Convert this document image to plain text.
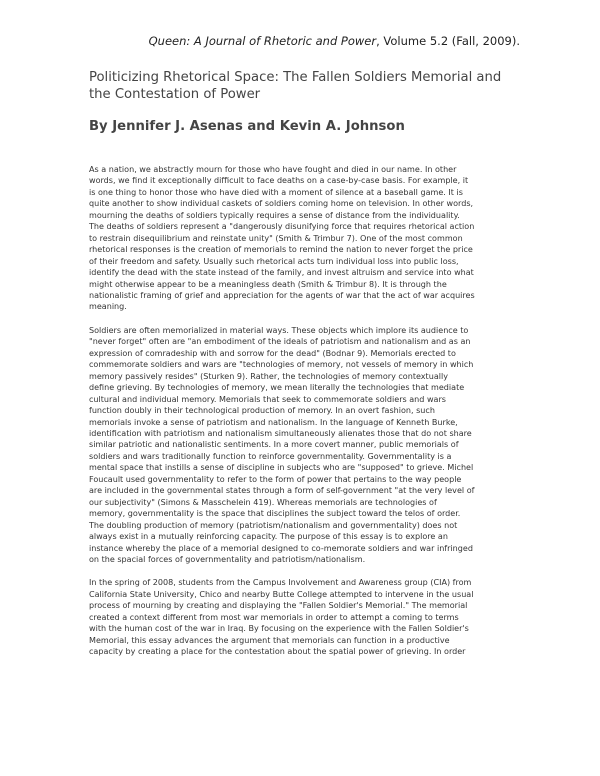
Queen: A Journal of Rhetoric and Power, Volume 5.2 (Fall, 2009).
Politicizing Rhetorical Space: The Fallen Soldiers Memorial and
the Contestation of Power
By Jennifer J. Asenas and Kevin A. Johnson

As a nation, we abstractly mourn for those who have fought and died in our name. In other
words, we find it exceptionally difficult to face deaths on a case-by-case basis. For example, it
is one thing to honor those who have died with a moment of silence at a baseball game. It is
quite another to show individual caskets of soldiers coming home on television. In other words,
mourning the deaths of soldiers typically requires a sense of distance from the individuality.
The deaths of soldiers represent a "dangerously disunifying force that requires rhetorical action
to restrain disequilibrium and reinstate unity" (Smith & Trimbur 7). One of the most common
rhetorical responses is the creation of memorials to remind the nation to never forget the price
of their freedom and safety. Usually such rhetorical acts turn individual loss into public loss,
identify the dead with the state instead of the family, and invest altruism and service into what
might otherwise appear to be a meaningless death (Smith & Trimbur 8). It is through the
nationalistic framing of grief and appreciation for the agents of war that the act of war acquires
meaning.

Soldiers are often memorialized in material ways. These objects which implore its audience to
"never forget" often are "an embodiment of the ideals of patriotism and nationalism and as an
expression of comradeship with and sorrow for the dead" (Bodnar 9). Memorials erected to
commemorate soldiers and wars are "technologies of memory, not vessels of memory in which
memory passively resides" (Sturken 9). Rather, the technologies of memory contextually
define grieving. By technologies of memory, we mean literally the technologies that mediate
cultural and individual memory. Memorials that seek to commemorate soldiers and wars
function doubly in their technological production of memory. In an overt fashion, such
memorials invoke a sense of patriotism and nationalism. In the language of Kenneth Burke,
identification with patriotism and nationalism simultaneously alienates those that do not share
similar patriotic and nationalistic sentiments. In a more covert manner, public memorials of
soldiers and wars traditionally function to reinforce governmentality. Governmentality is a
mental space that instills a sense of discipline in subjects who are "supposed" to grieve. Michel
Foucault used governmentality to refer to the form of power that pertains to the way people
are included in the governmental states through a form of self-government "at the very level of
our subjectivity" (Simons & Masschelein 419). Whereas memorials are technologies of
memory, governmentality is the space that disciplines the subject toward the telos of order.
The doubling production of memory (patriotism/nationalism and governmentality) does not
always exist in a mutually reinforcing capacity. The purpose of this essay is to explore an
instance whereby the place of a memorial designed to co-memorate soldiers and war infringed
on the spacial forces of governmentality and patriotism/nationalism.

In the spring of 2008, students from the Campus Involvement and Awareness group (CIA) from
California State University, Chico and nearby Butte College attempted to intervene in the usual
process of mourning by creating and displaying the "Fallen Soldier's Memorial." The memorial
created a context different from most war memorials in order to attempt a coming to terms
with the human cost of the war in Iraq. By focusing on the experience with the Fallen Soldier's
Memorial, this essay advances the argument that memorials can function in a productive
capacity by creating a place for the contestation about the spatial power of grieving. In order
